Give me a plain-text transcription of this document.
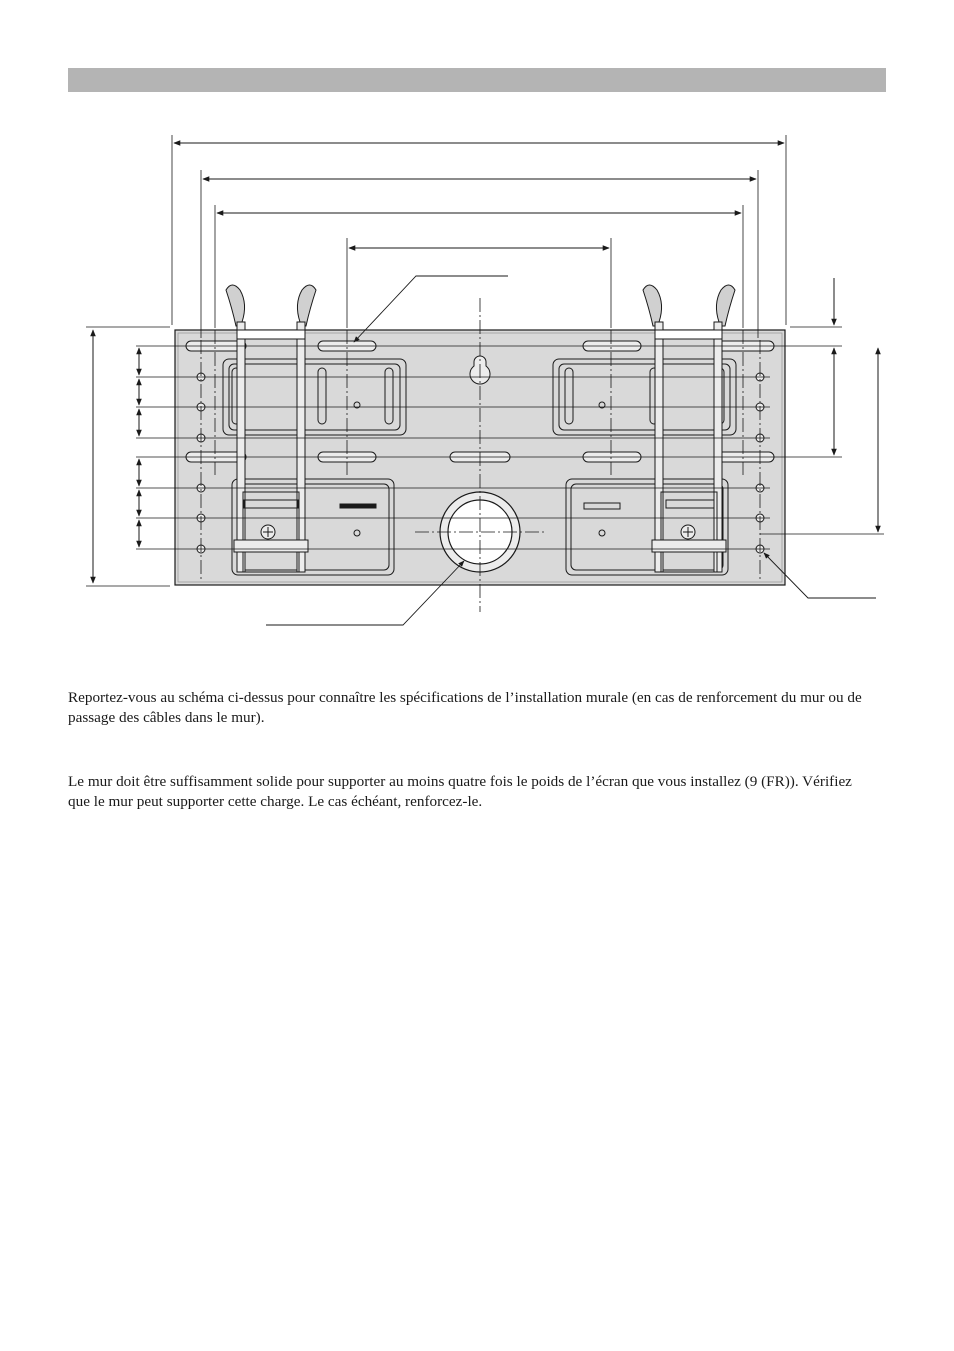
Reportez-vous au schéma ci-dessus pour connaître les spécifications de l’installation murale (en cas de renforcement du mur ou de passage des câbles dans le mur).

Le mur doit être suffisamment solide pour supporter au moins quatre fois le poids de l’écran que vous installez (9 (FR)). Vérifiez que le mur peut supporter cette charge. Le cas échéant, renforcez-le.
